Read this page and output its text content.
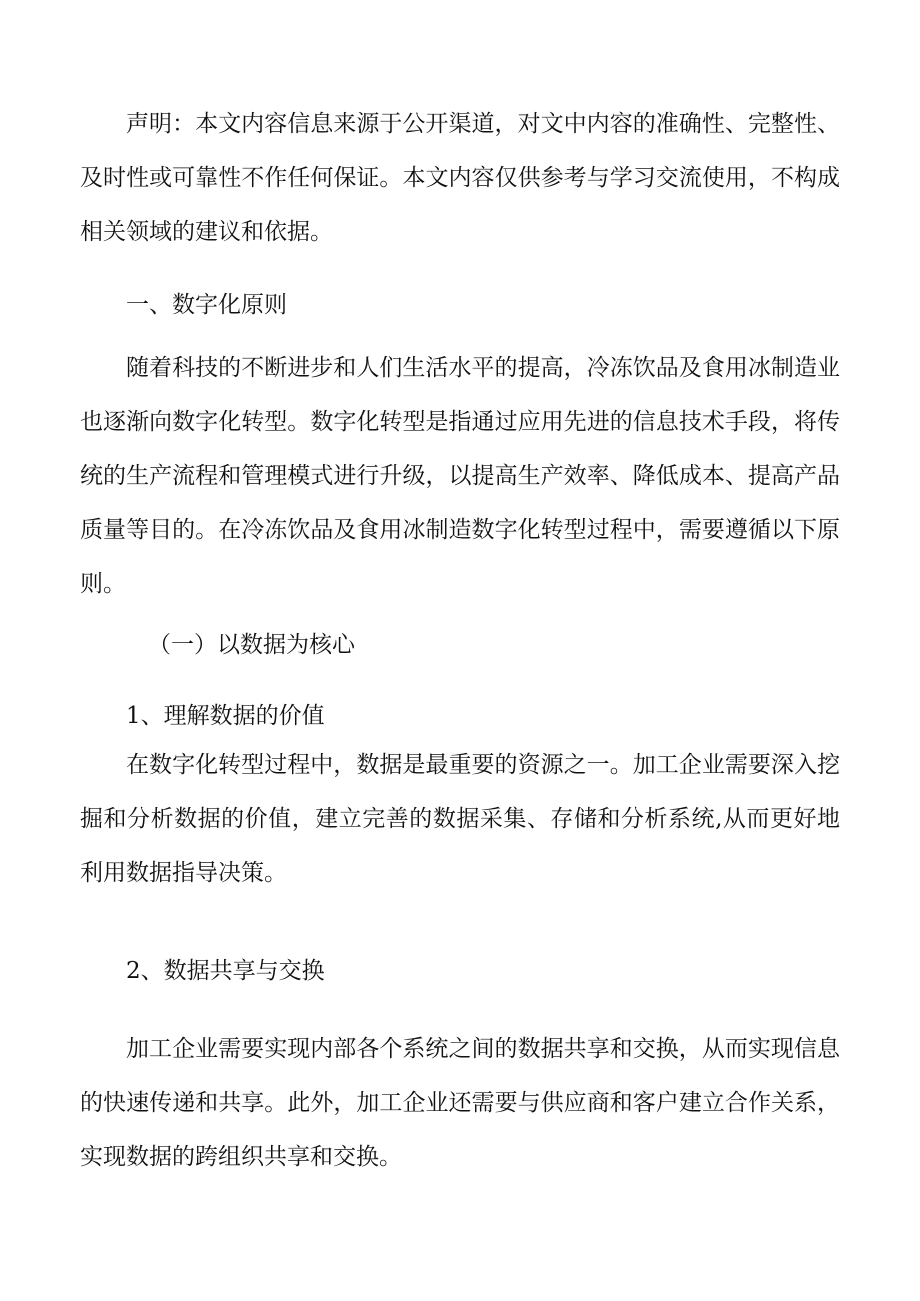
声明：本文内容信息来源于公开渠道，对文中内容的准确性、完整性、及时性或可靠性不作任何保证。本文内容仅供参考与学习交流使用，不构成相关领域的建议和依据。

一、数字化原则

随着科技的不断进步和人们生活水平的提高，冷冻饮品及食用冰制造业也逐渐向数字化转型。数字化转型是指通过应用先进的信息技术手段，将传统的生产流程和管理模式进行升级，以提高生产效率、降低成本、提高产品质量等目的。在冷冻饮品及食用冰制造数字化转型过程中，需要遵循以下原则。

（一）以数据为核心

1、理解数据的价值

在数字化转型过程中，数据是最重要的资源之一。加工企业需要深入挖掘和分析数据的价值，建立完善的数据采集、存储和分析系统,从而更好地利用数据指导决策。

2、数据共享与交换

加工企业需要实现内部各个系统之间的数据共享和交换，从而实现信息的快速传递和共享。此外，加工企业还需要与供应商和客户建立合作关系，实现数据的跨组织共享和交换。
